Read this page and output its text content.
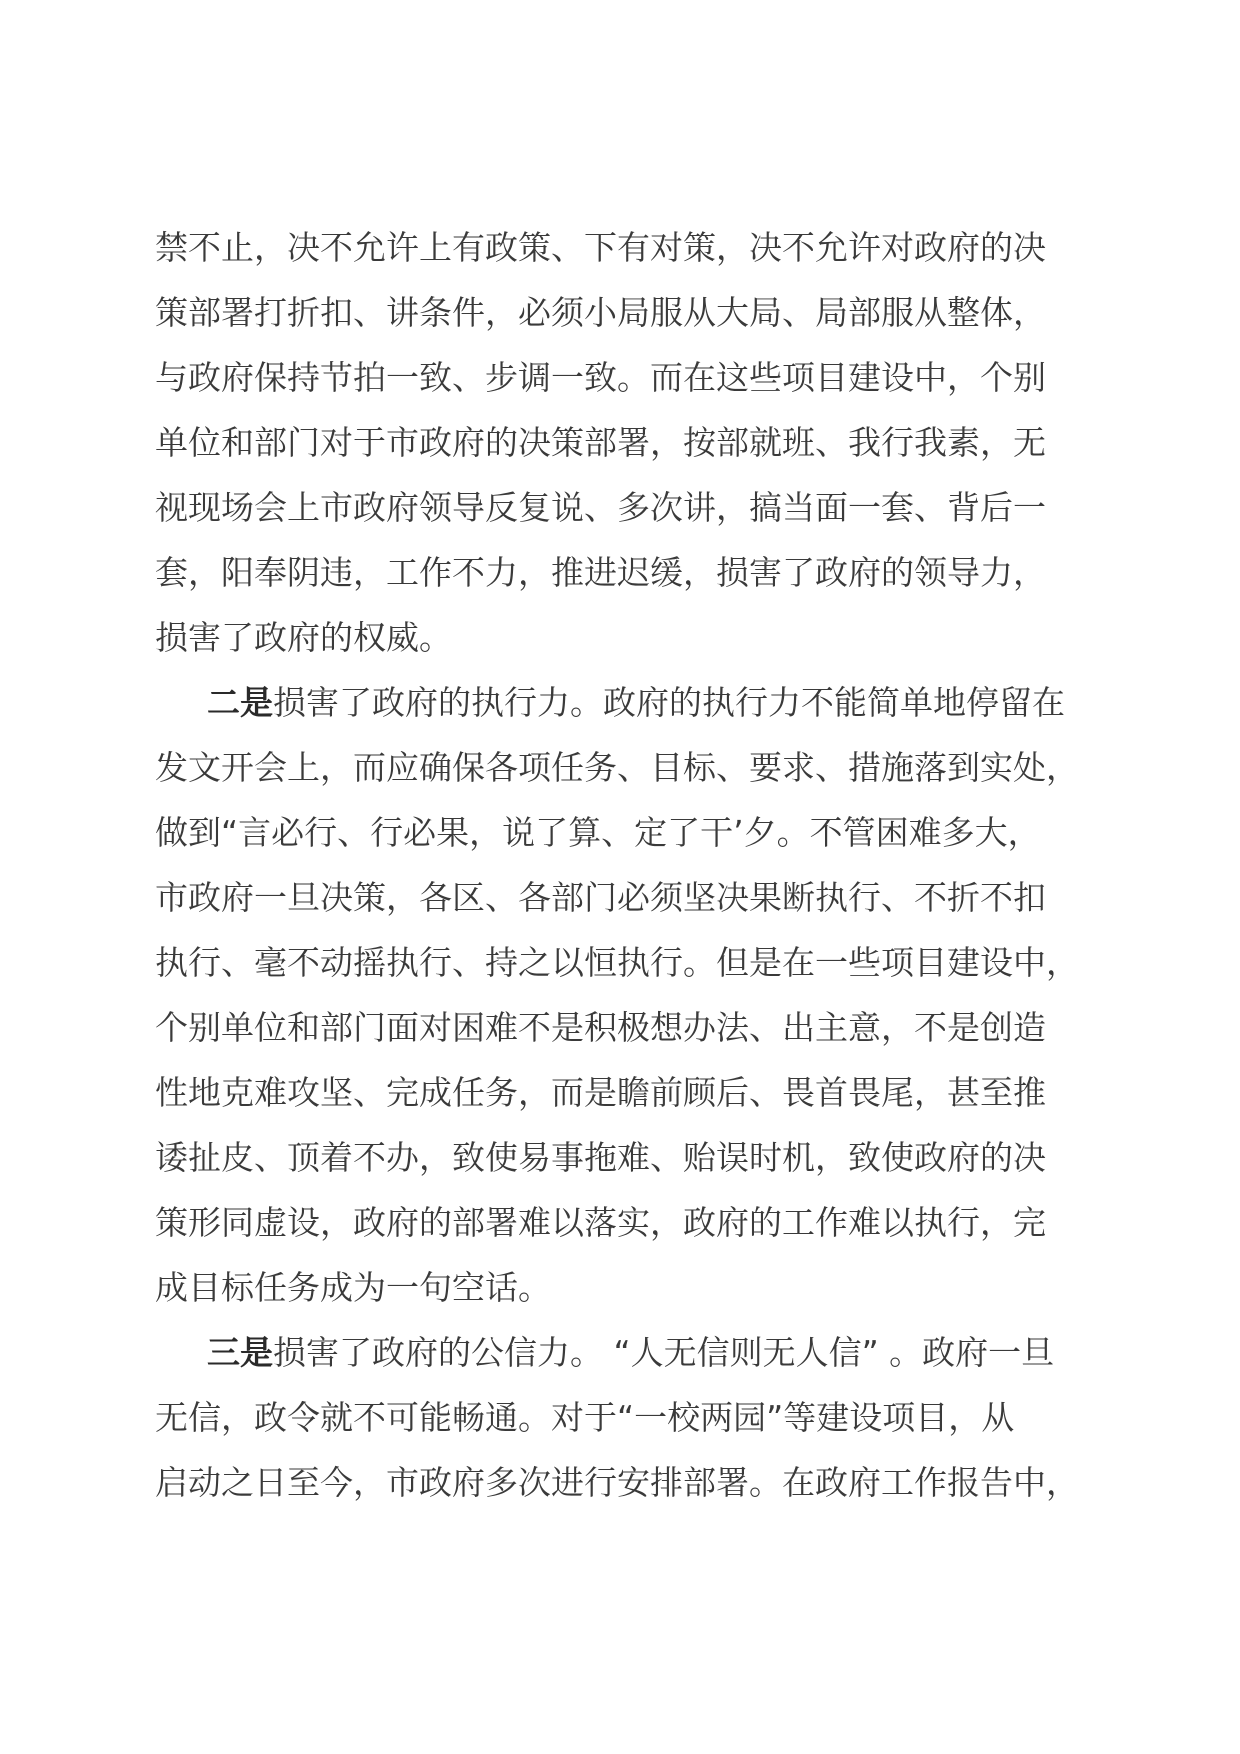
禁不止，决不允许上有政策、下有对策，决不允许对政府的决
策部署打折扣、讲条件，必须小局服从大局、局部服从整体，
与政府保持节拍一致、步调一致。而在这些项目建设中，个别
单位和部门对于市政府的决策部署，按部就班、我行我素，无
视现场会上市政府领导反复说、多次讲，搞当面一套、背后一
套，阳奉阴违，工作不力，推进迟缓，损害了政府的领导力，
损害了政府的权威。
二是损害了政府的执行力。政府的执行力不能简单地停留在
发文开会上，而应确保各项任务、目标、要求、措施落到实处，
做到“言必行、行必果，说了算、定了干’夕。不管困难多大，
市政府一旦决策，各区、各部门必须坚决果断执行、不折不扣
执行、毫不动摇执行、持之以恒执行。但是在一些项目建设中，
个别单位和部门面对困难不是积极想办法、出主意，不是创造
性地克难攻坚、完成任务，而是瞻前顾后、畏首畏尾，甚至推
诿扯皮、顶着不办，致使易事拖难、贻误时机，致使政府的决
策形同虚设，政府的部署难以落实，政府的工作难以执行，完
成目标任务成为一句空话。
三是损害了政府的公信力。 “人无信则无人信” 。政府一旦
无信，政令就不可能畅通。对于“一校两园”等建设项目，从
启动之日至今，市政府多次进行安排部署。在政府工作报告中，
